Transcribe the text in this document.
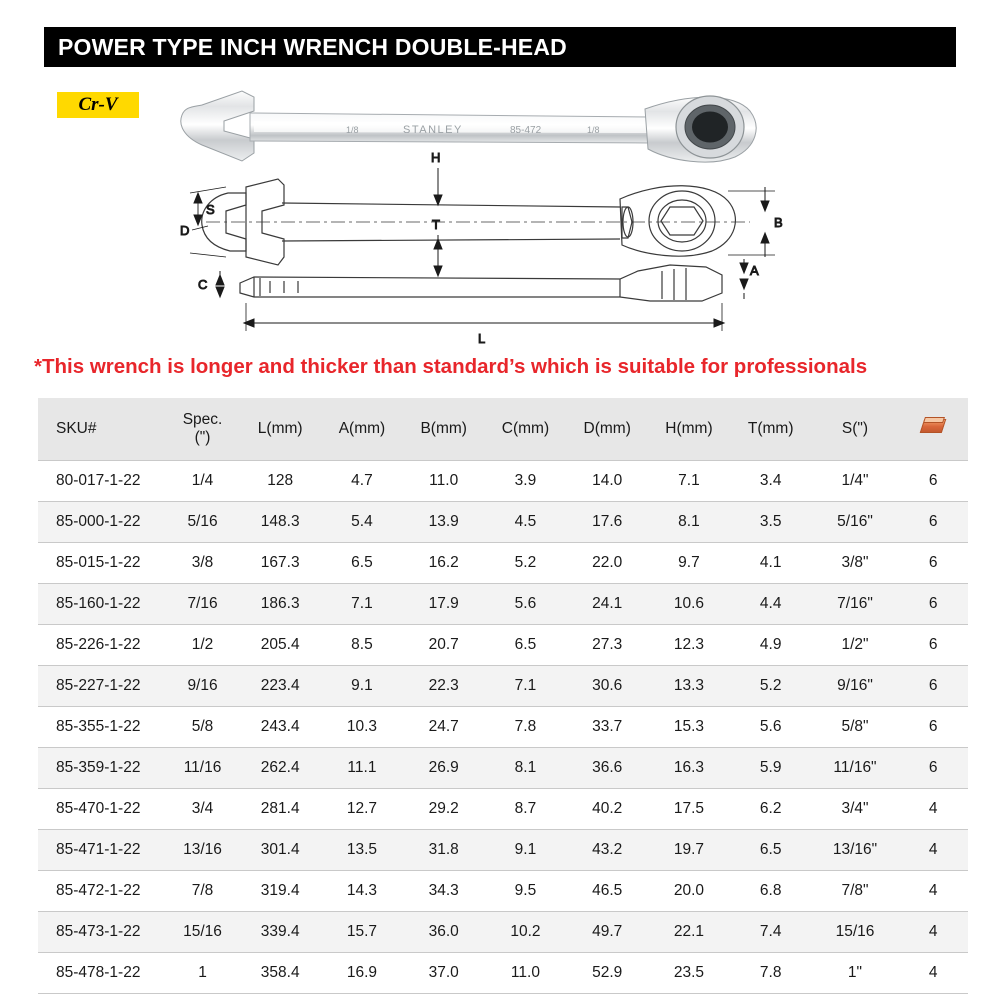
POWER TYPE INCH WRENCH DOUBLE-HEAD
Cr-V
1/8	STANLEY	85-472	1/8
H
B
S
D	T
A
C
L
*This wrench is longer and thicker than standard’s which is suitable for professionals
SKU#	Spec.
(")	L(mm)	A(mm)	B(mm)	C(mm)	D(mm)	H(mm)	T(mm)	S(")	

80-017-1-22	1/4	128	4.7	11.0	3.9	14.0	7.1	3.4	1/4"	6
85-000-1-22	5/16	148.3	5.4	13.9	4.5	17.6	8.1	3.5	5/16"	6
85-015-1-22	3/8	167.3	6.5	16.2	5.2	22.0	9.7	4.1	3/8"	6
85-160-1-22	7/16	186.3	7.1	17.9	5.6	24.1	10.6	4.4	7/16"	6
85-226-1-22	1/2	205.4	8.5	20.7	6.5	27.3	12.3	4.9	1/2"	6
85-227-1-22	9/16	223.4	9.1	22.3	7.1	30.6	13.3	5.2	9/16"	6
85-355-1-22	5/8	243.4	10.3	24.7	7.8	33.7	15.3	5.6	5/8"	6
85-359-1-22	11/16	262.4	11.1	26.9	8.1	36.6	16.3	5.9	11/16"	6
85-470-1-22	3/4	281.4	12.7	29.2	8.7	40.2	17.5	6.2	3/4"	4
85-471-1-22	13/16	301.4	13.5	31.8	9.1	43.2	19.7	6.5	13/16"	4
85-472-1-22	7/8	319.4	14.3	34.3	9.5	46.5	20.0	6.8	7/8"	4
85-473-1-22	15/16	339.4	15.7	36.0	10.2	49.7	22.1	7.4	15/16	4
85-478-1-22	1	358.4	16.9	37.0	11.0	52.9	23.5	7.8	1"	4
